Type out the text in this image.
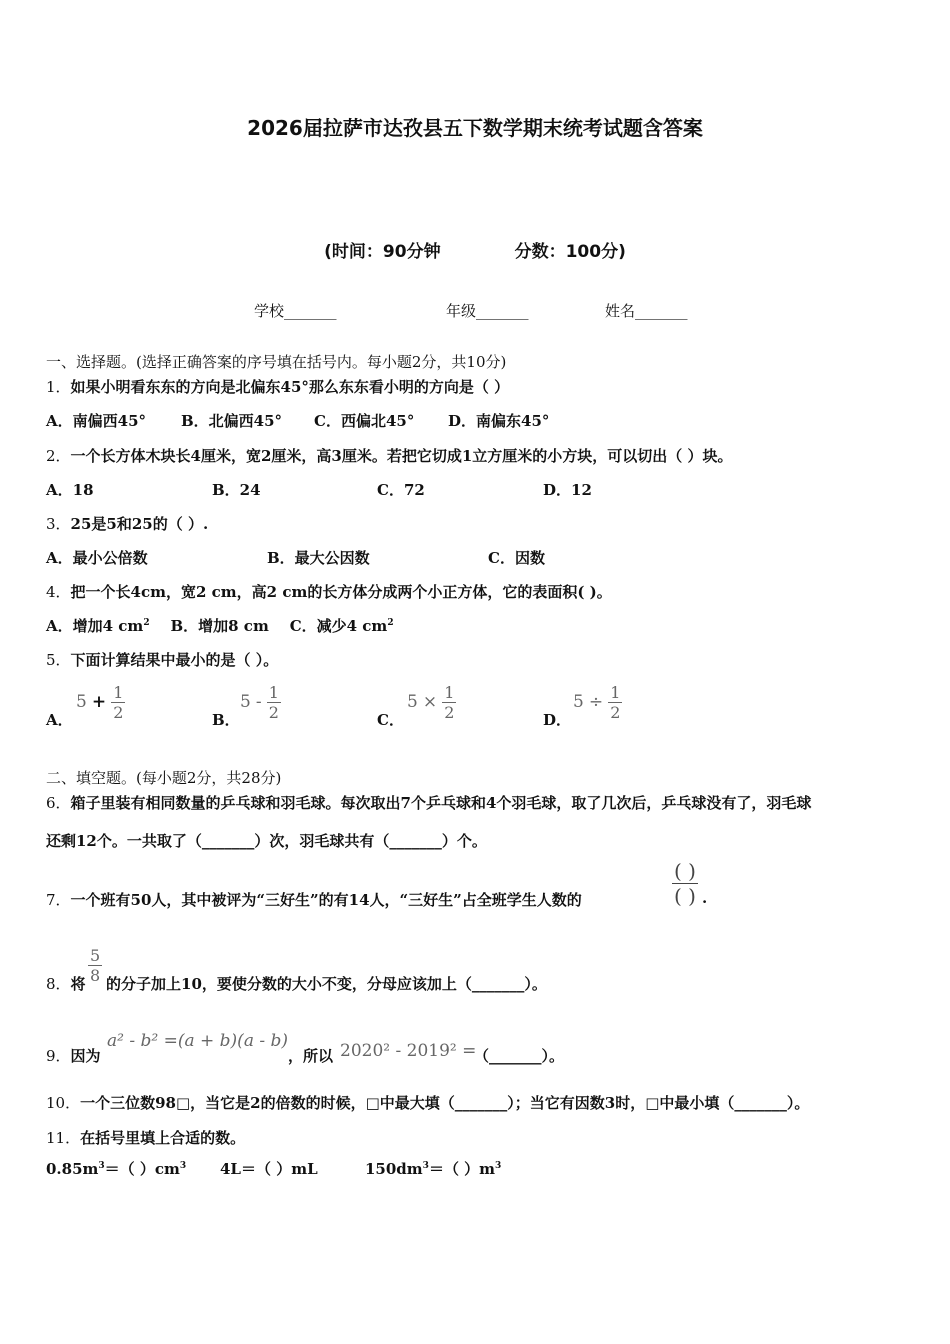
2026届拉萨市达孜县五下数学期末统考试题含答案
(时间：90分钟	分数：100分)
学校_______	年级_______	姓名_______
一、选择题。(选择正确答案的序号填在括号内。每小题2分，共10分)
1．如果小明看东东的方向是北偏东45°那么东东看小明的方向是（ ）
A．南偏西45° B．北偏西45° C．西偏北45° D．南偏东45°
2．一个长方体木块长4厘米，宽2厘米，高3厘米。若把它切成1立方厘米的小方块，可以切出（ ）块。
A．18	B．24	C．72	D．12
3．25是5和25的（ ）.
A．最小公倍数	B．最大公因数	C．因数
4．把一个长4cm，宽2 cm，高2 cm的长方体分成两个小正方体，它的表面积( )。
A．增加4 $cm^2$ B．增加8 cm C．减少4 $cm^2$
5．下面计算结果中最小的是（ ）。
A．
$5 + \frac{1}{2}$	B．
$5 - \frac{1}{2}$	C．
$5 \times \frac{1}{2}$	D．
$5 \div \frac{1}{2}$
二、填空题。(每小题2分，共28分)
6．箱子里装有相同数量的乒乓球和羽毛球。每次取出7个乒乓球和4个羽毛球，取了几次后，乒乓球没有了，羽毛球
还剩12个。一共取了（_______）次，羽毛球共有（_______）个。
7．一个班有50人，其中被评为“三好生”的有14人，“三好生”占全班学生人数的	$\frac{( )}{( )}$ .
$\frac{5}{8}$
8．将 的分子加上10，要使分数的大小不变，分母应该加上（_______）。
9．因为
a² - b² =(a + b)(a - b)
，所以 2020² - 2019² =
（_______）。
10．一个三位数98□，当它是2的倍数的时候，□中最大填（_______）；当它有因数3时，□中最小填（_______）。
11．在括号里填上合适的数。
$0.85m^3=$（ ）$cm^3$ 4L＝（ ）mL	$150dm^3=$（ ）$m^3$
